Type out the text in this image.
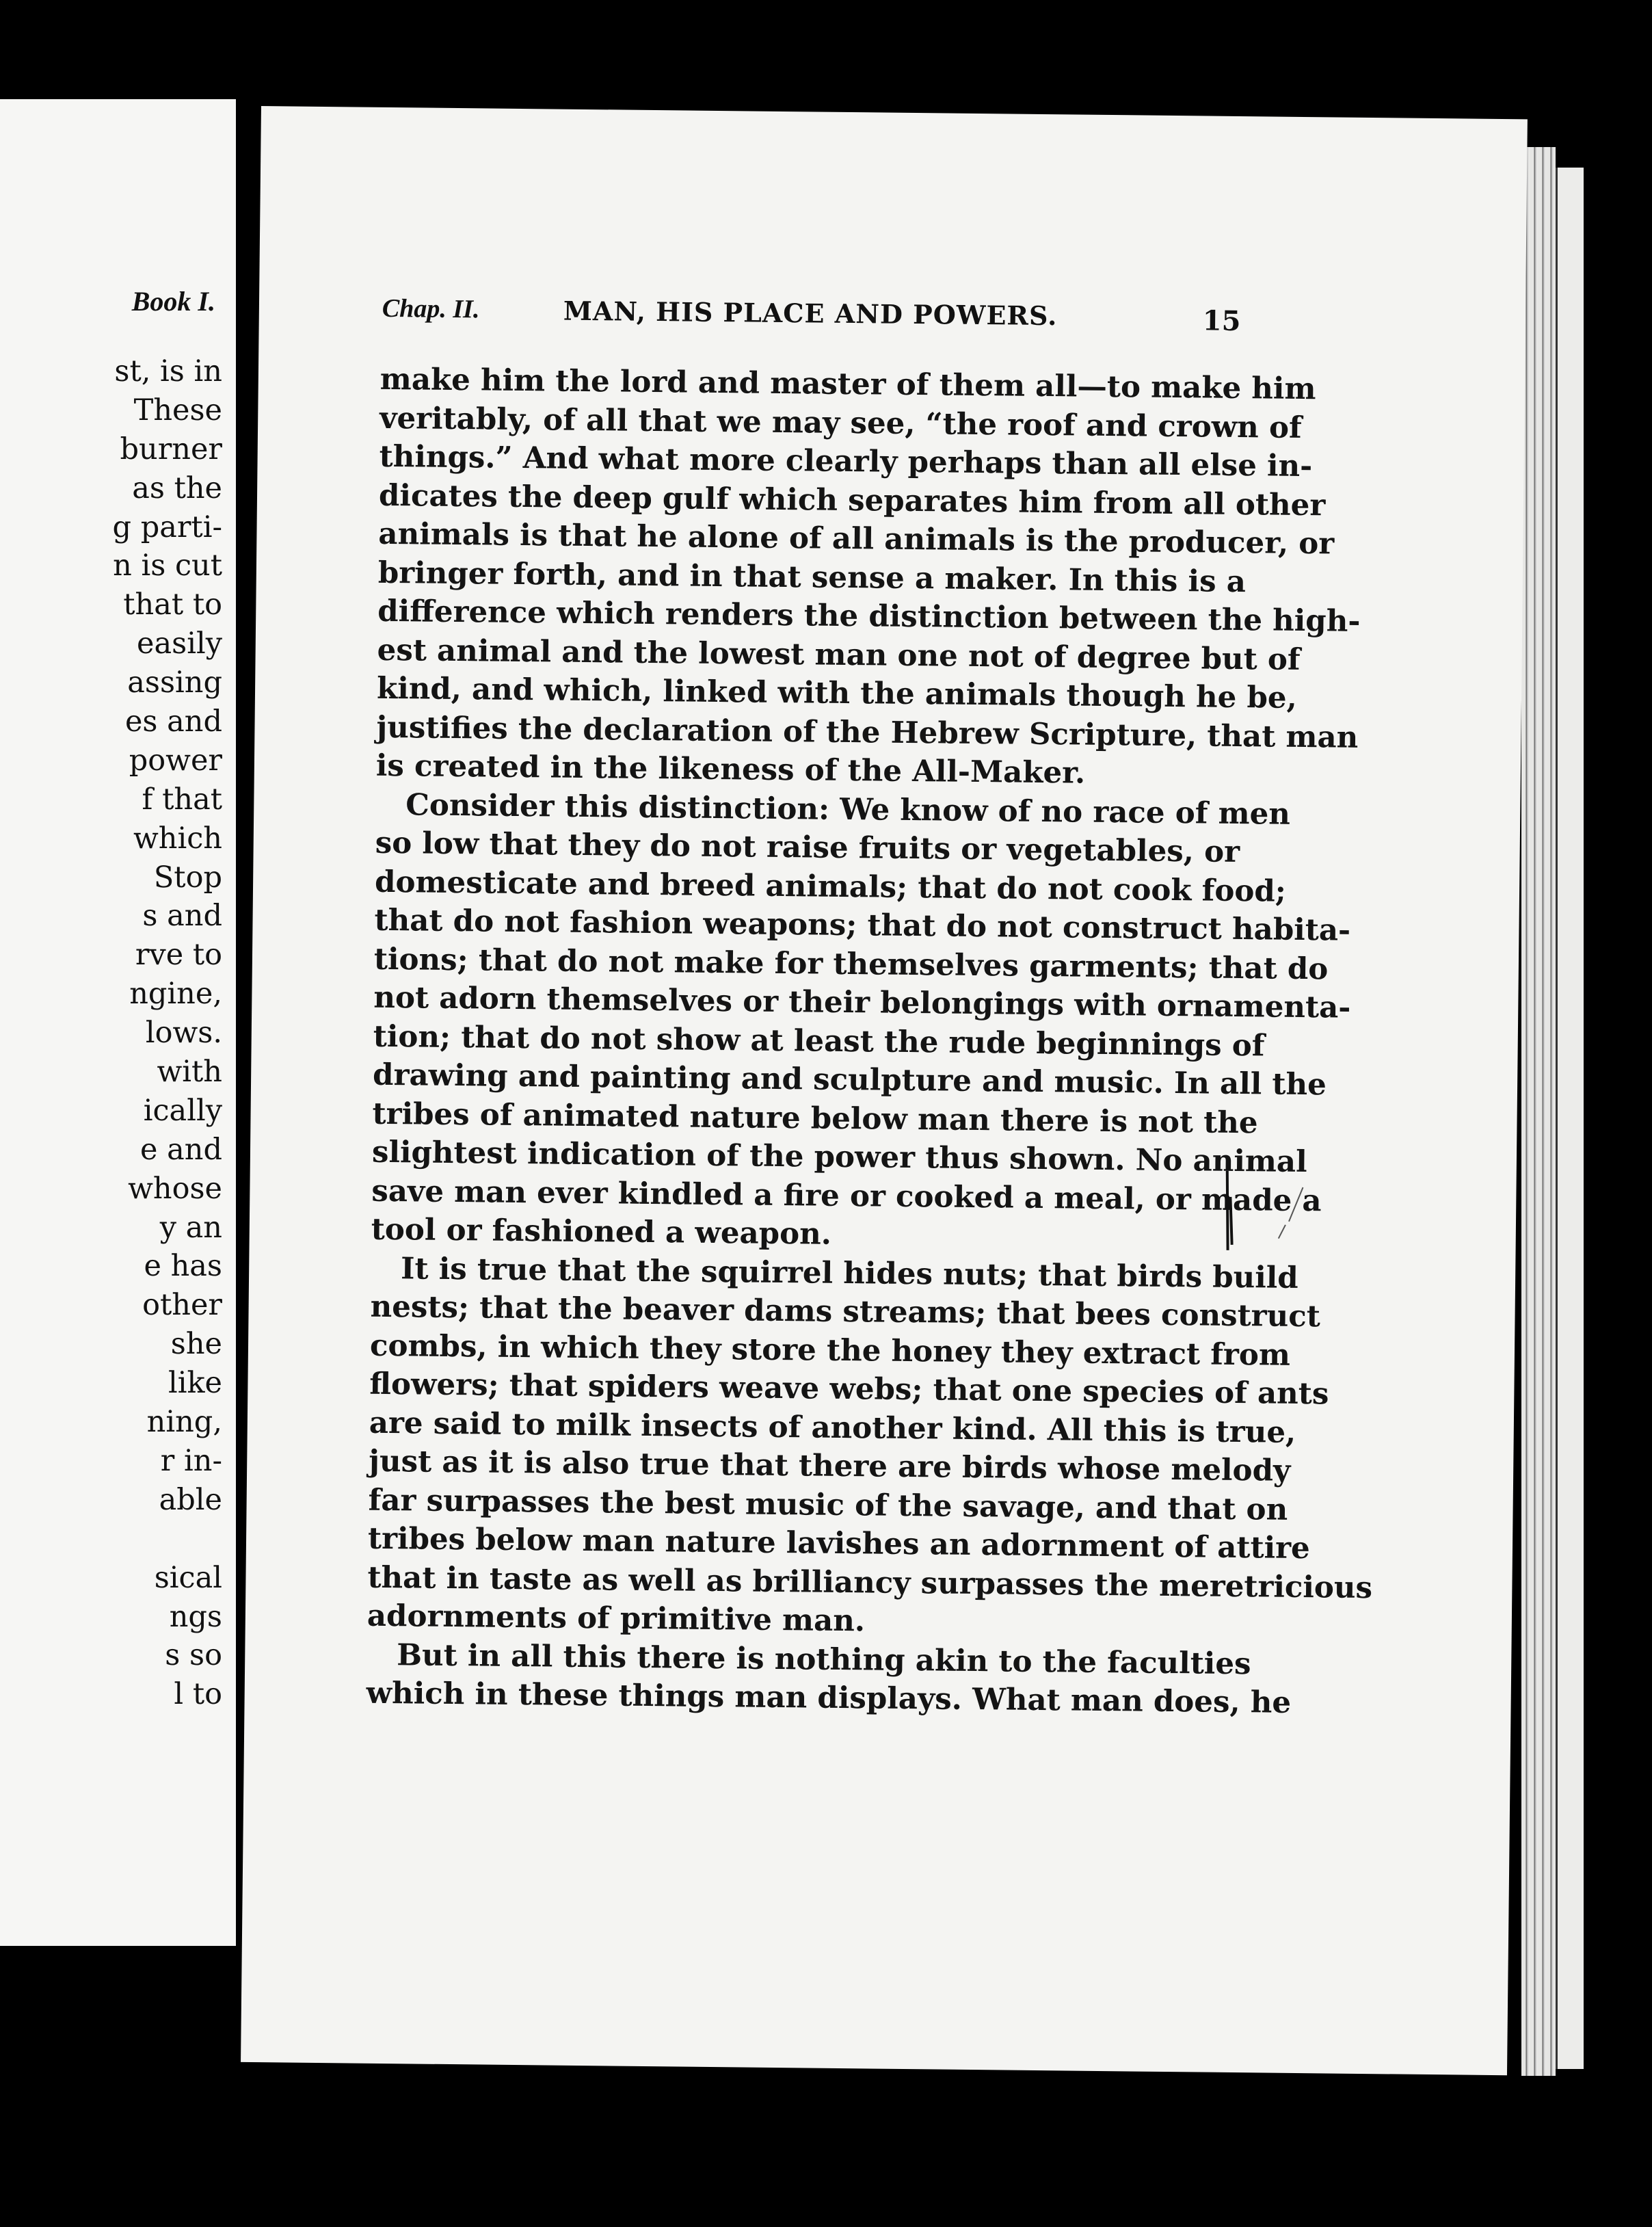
Book I.
st, is in
These
burner
as the
g parti-
n is cut
that to
easily
assing
es and
power
f that
which
Stop
s and
rve to
ngine,
lows.
with
ically
e and
whose
y an
e has
other
she
like
ning,
r in-
able
sical
ngs
s so
l to
Chap. II.	MAN, HIS PLACE AND POWERS.	15
make him the lord and master of them all—to make him
veritably, of all that we may see, “the roof and crown of
things.” And what more clearly perhaps than all else in-
dicates the deep gulf which separates him from all other
animals is that he alone of all animals is the producer, or
bringer forth, and in that sense a maker. In this is a
difference which renders the distinction between the high-
est animal and the lowest man one not of degree but of
kind, and which, linked with the animals though he be,
justifies the declaration of the Hebrew Scripture, that man
is created in the likeness of the All-Maker.
Consider this distinction: We know of no race of men
so low that they do not raise fruits or vegetables, or
domesticate and breed animals; that do not cook food;
that do not fashion weapons; that do not construct habita-
tions; that do not make for themselves garments; that do
not adorn themselves or their belongings with ornamenta-
tion; that do not show at least the rude beginnings of
drawing and painting and sculpture and music. In all the
tribes of animated nature below man there is not the
slightest indication of the power thus shown. No animal
save man ever kindled a fire or cooked a meal, or made a
tool or fashioned a weapon.
It is true that the squirrel hides nuts; that birds build
nests; that the beaver dams streams; that bees construct
combs, in which they store the honey they extract from
flowers; that spiders weave webs; that one species of ants
are said to milk insects of another kind. All this is true,
just as it is also true that there are birds whose melody
far surpasses the best music of the savage, and that on
tribes below man nature lavishes an adornment of attire
that in taste as well as brilliancy surpasses the meretricious
adornments of primitive man.
But in all this there is nothing akin to the faculties
which in these things man displays. What man does, he
